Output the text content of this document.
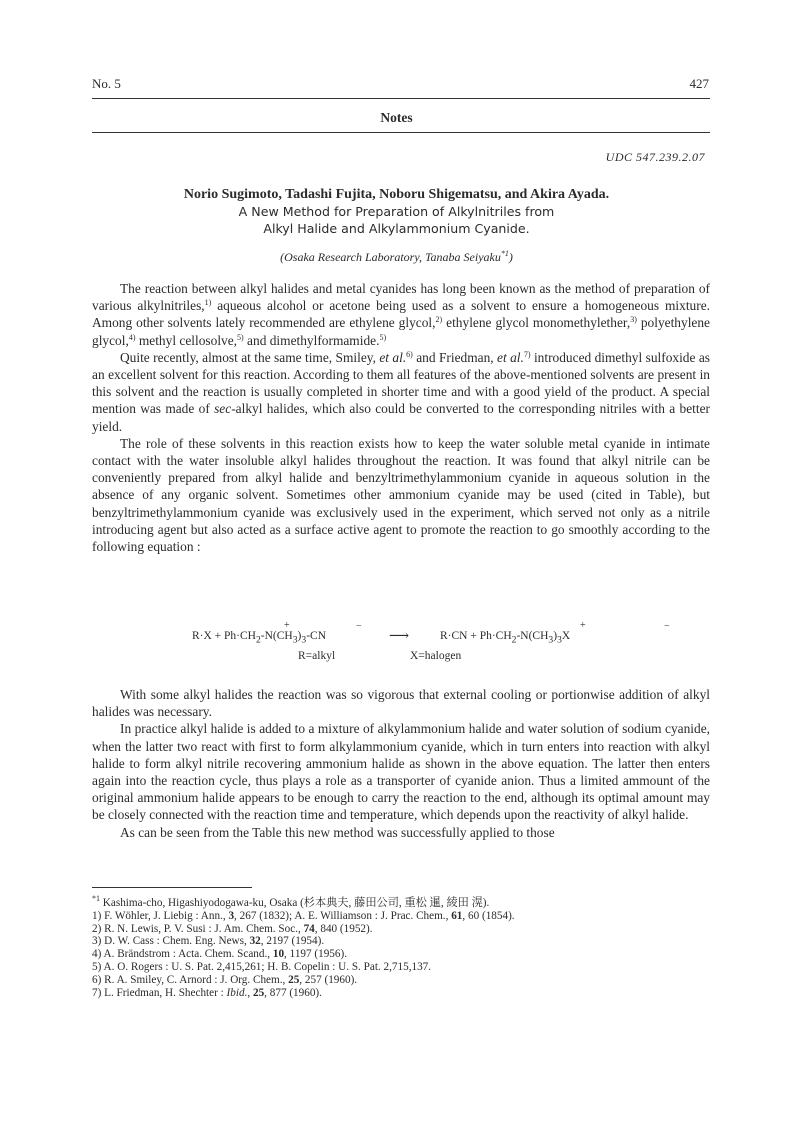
No. 5	427
Notes
UDC 547.239.2.07
Norio Sugimoto, Tadashi Fujita, Noboru Shigematsu, and Akira Ayada.
A New Method for Preparation of Alkylnitriles from
Alkyl Halide and Alkylammonium Cyanide.
(Osaka Research Laboratory, Tanaba Seiyaku$^{*1}$)

The reaction between alkyl halides and metal cyanides has long been known as the method of preparation of various alkylnitriles,$^{1)}$ aqueous alcohol or acetone being used as a solvent to ensure a homogeneous mixture. Among other solvents lately recommended are ethylene glycol,$^{2)}$ ethylene glycol monomethylether,$^{3)}$ polyethylene glycol,$^{4)}$ methyl cellosolve,$^{5)}$ and dimethylformamide.$^{5)}$

Quite recently, almost at the same time, Smiley, et al.$^{6)}$ and Friedman, et al.$^{7)}$ introduced dimethyl sulfoxide as an excellent solvent for this reaction. According to them all features of the above-mentioned solvents are present in this solvent and the reaction is usually completed in shorter time and with a good yield of the product. A special mention was made of sec-alkyl halides, which also could be converted to the corresponding nitriles with a better yield.

The role of these solvents in this reaction exists how to keep the water soluble metal cyanide in intimate contact with the water insoluble alkyl halides throughout the reaction. It was found that alkyl nitrile can be conveniently prepared from alkyl halide and benzyltrimethylammonium cyanide in aqueous solution in the absence of any organic solvent. Sometimes other ammonium cyanide may be used (cited in Table), but benzyltrimethylammonium cyanide was exclusively used in the experiment, which served not only as a nitrile introducing agent but also acted as a surface active agent to promote the reaction to go smoothly according to the following equation :

$R\cdot X + Ph\cdot CH_2-N(CH_3)_3-CN$
+	−
⟶	$R\cdot CN + Ph\cdot CH_2-N(CH_3)_3X$
+	−
R=alkyl	X=halogen

With some alkyl halides the reaction was so vigorous that external cooling or portionwise addition of alkyl halides was necessary.

In practice alkyl halide is added to a mixture of alkylammonium halide and water solution of sodium cyanide, when the latter two react with first to form alkylammonium cyanide, which in turn enters into reaction with alkyl halide to form alkyl nitrile recovering ammonium halide as shown in the above equation. The latter then enters again into the reaction cycle, thus plays a role as a transporter of cyanide anion. Thus a limited ammount of the original ammonium halide appears to be enough to carry the reaction to the end, although its optimal amount may be closely connected with the reaction time and temperature, which depends upon the reactivity of alkyl halide.

As can be seen from the Table this new method was successfully applied to those

$^{*1}$ Kashima-cho, Higashiyodogawa-ku, Osaka (杉本典夫, 藤田公司, 重松 暹, 綾田 滉).
1) F. Wöhler, J. Liebig : Ann., 3, 267 (1832); A. E. Williamson : J. Prac. Chem., 61, 60 (1854).
2) R. N. Lewis, P. V. Susi : J. Am. Chem. Soc., 74, 840 (1952).
3) D. W. Cass : Chem. Eng. News, 32, 2197 (1954).
4) A. Brändstrom : Acta. Chem. Scand., 10, 1197 (1956).
5) A. O. Rogers : U. S. Pat. 2,415,261; H. B. Copelin : U. S. Pat. 2,715,137.
6) R. A. Smiley, C. Arnord : J. Org. Chem., 25, 257 (1960).
7) L. Friedman, H. Shechter : Ibid., 25, 877 (1960).
